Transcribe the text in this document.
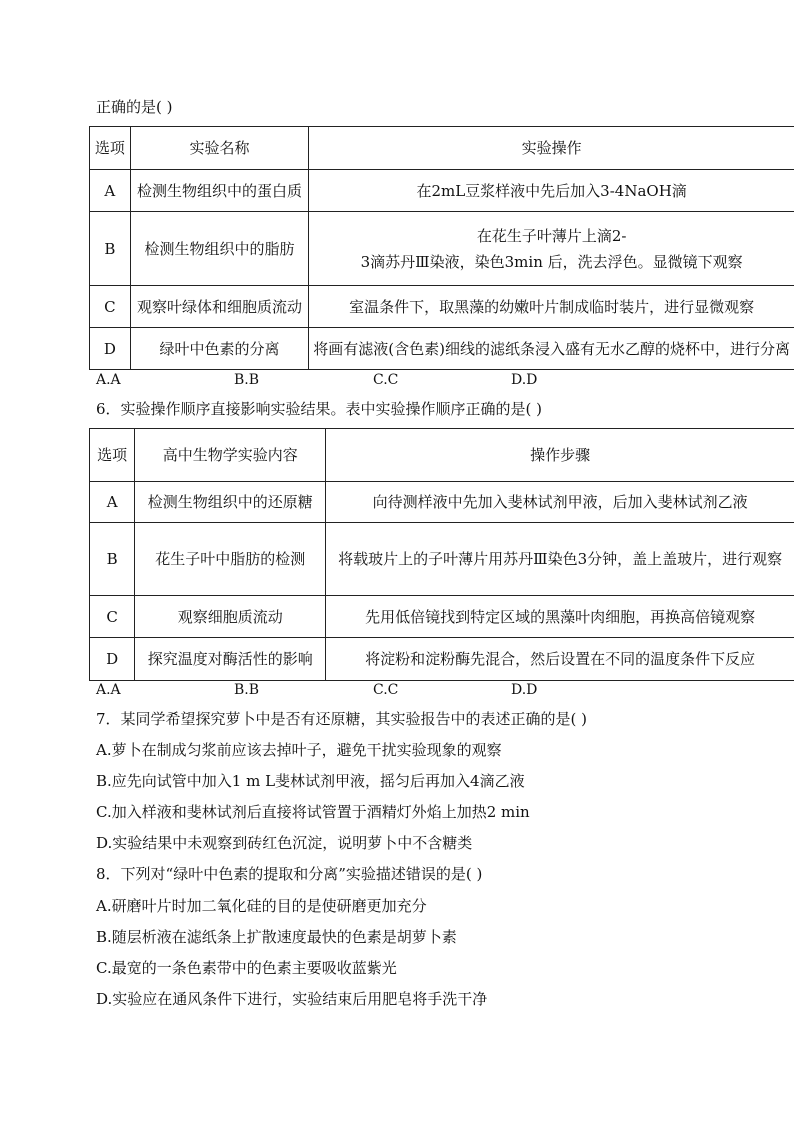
正确的是( )
选项	实验名称	实验操作
A	检测生物组织中的蛋白质	在2mL豆浆样液中先后加入3-4NaOH滴
B	检测生物组织中的脂肪	在花生子叶薄片上滴2-
3滴苏丹Ⅲ染液，染色3min 后，洗去浮色。显微镜下观察

C	观察叶绿体和细胞质流动	室温条件下，取黑藻的幼嫩叶片制成临时装片，进行显微观察
D	绿叶中色素的分离	将画有滤液(含色素)细线的滤纸条浸入盛有无水乙醇的烧杯中，进行分离
A.A	B.B	C.C	D.D
6．实验操作顺序直接影响实验结果。表中实验操作顺序正确的是( )
选项	高中生物学实验内容	操作步骤
A	检测生物组织中的还原糖	向待测样液中先加入斐林试剂甲液，后加入斐林试剂乙液
B	花生子叶中脂肪的检测	将载玻片上的子叶薄片用苏丹Ⅲ染色3分钟，盖上盖玻片，进行观察
C	观察细胞质流动	先用低倍镜找到特定区域的黑藻叶肉细胞，再换高倍镜观察
D	探究温度对酶活性的影响	将淀粉和淀粉酶先混合，然后设置在不同的温度条件下反应
A.A	B.B	C.C	D.D
7．某同学希望探究萝卜中是否有还原糖，其实验报告中的表述正确的是( )
A.萝卜在制成匀浆前应该去掉叶子，避免干扰实验现象的观察
B.应先向试管中加入1 m L斐林试剂甲液，摇匀后再加入4滴乙液
C.加入样液和斐林试剂后直接将试管置于酒精灯外焰上加热2 min
D.实验结果中未观察到砖红色沉淀，说明萝卜中不含糖类
8．下列对“绿叶中色素的提取和分离”实验描述错误的是( )
A.研磨叶片时加二氧化硅的目的是使研磨更加充分
B.随层析液在滤纸条上扩散速度最快的色素是胡萝卜素
C.最宽的一条色素带中的色素主要吸收蓝紫光
D.实验应在通风条件下进行，实验结束后用肥皂将手洗干净
